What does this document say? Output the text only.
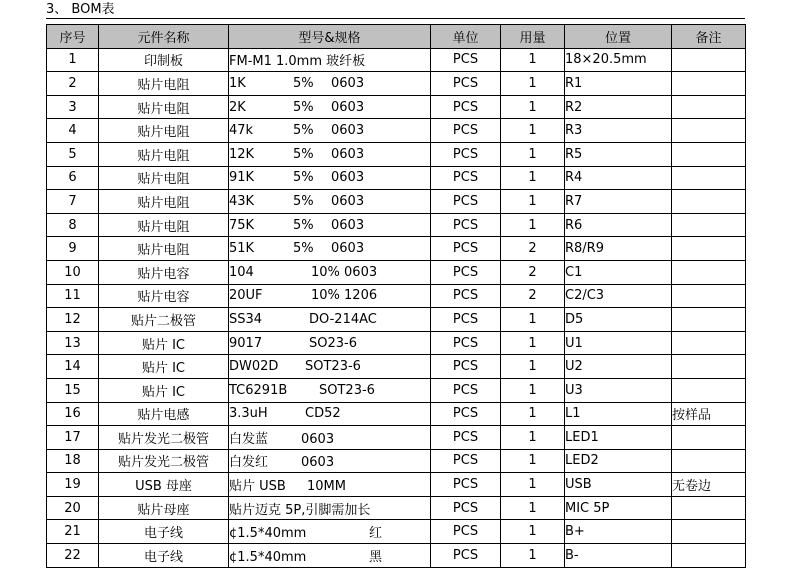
3、 BOM表
序号	元件名称	型号&规格	单位	用量	位置	备注
1	印制板	FM-M1 1.0mm 玻纤板	PCS	1	18×20.5mm	
2	贴片电阻	1K 5% 0603	PCS	1	R1	
3	贴片电阻	2K 5% 0603	PCS	1	R2	
4	贴片电阻	47k 5% 0603	PCS	1	R3	
5	贴片电阻	12K 5% 0603	PCS	1	R5	
6	贴片电阻	91K 5% 0603	PCS	1	R4	
7	贴片电阻	43K 5% 0603	PCS	1	R7	
8	贴片电阻	75K 5% 0603	PCS	1	R6	
9	贴片电阻	51K 5% 0603	PCS	2	R8/R9	
10	贴片电容	104 10% 0603	PCS	2	C1	
11	贴片电容	20UF 10% 1206	PCS	2	C2/C3	
12	贴片二极管	SS34 DO-214AC	PCS	1	D5	
13	贴片 IC	9017 SO23-6	PCS	1	U1	
14	贴片 IC	DW02D SOT23-6	PCS	1	U2	
15	贴片 IC	TC6291B SOT23-6	PCS	1	U3	
16	贴片电感	3.3uH CD52	PCS	1	L1	按样品
17	贴片发光二极管	白发蓝 0603	PCS	1	LED1	
18	贴片发光二极管	白发红 0603	PCS	1	LED2	
19	USB 母座	贴片 USB 10MM	PCS	1	USB	无卷边
20	贴片母座	贴片迈克 5P,引脚需加长	PCS	1	MIC 5P	
21	电子线	¢1.5*40mm 红	PCS	1	B+	
22	电子线	¢1.5*40mm 黑	PCS	1	B-	
